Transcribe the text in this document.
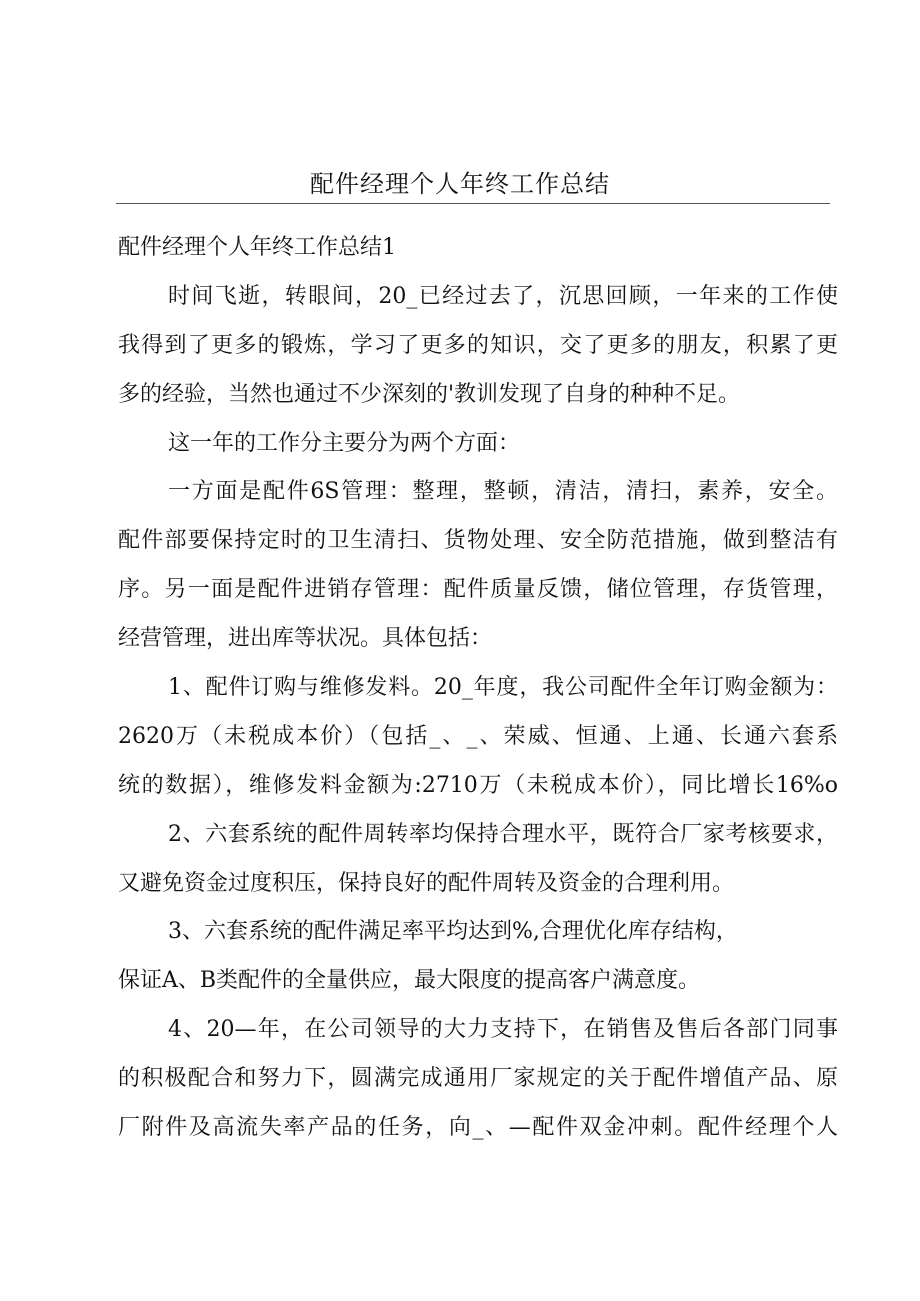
配件经理个人年终工作总结
配件经理个人年终工作总结1
时间飞逝，转眼间，20_已经过去了，沉思回顾，一年来的工作使
我得到了更多的锻炼，学习了更多的知识，交了更多的朋友，积累了更
多的经验，当然也通过不少深刻的'教训发现了自身的种种不足。
这一年的工作分主要分为两个方面：
一方面是配件6S管理：整理，整顿，清洁，清扫，素养，安全。
配件部要保持定时的卫生清扫、货物处理、安全防范措施，做到整洁有
序。另一面是配件进销存管理：配件质量反馈，储位管理，存货管理，
经营管理，进出库等状况。具体包括：
1、配件订购与维修发料。20_年度，我公司配件全年订购金额为：
2620万（未税成本价）（包括_、_、荣威、恒通、上通、长通六套系
统的数据），维修发料金额为:2710万（未税成本价），同比增长16%o
2、六套系统的配件周转率均保持合理水平，既符合厂家考核要求，
又避免资金过度积压，保持良好的配件周转及资金的合理利用。
3、六套系统的配件满足率平均达到%,合理优化库存结构，
保证A、B类配件的全量供应，最大限度的提高客户满意度。
4、20—年，在公司领导的大力支持下，在销售及售后各部门同事
的积极配合和努力下，圆满完成通用厂家规定的关于配件增值产品、原
厂附件及高流失率产品的任务，向_、—配件双金冲刺。配件经理个人
